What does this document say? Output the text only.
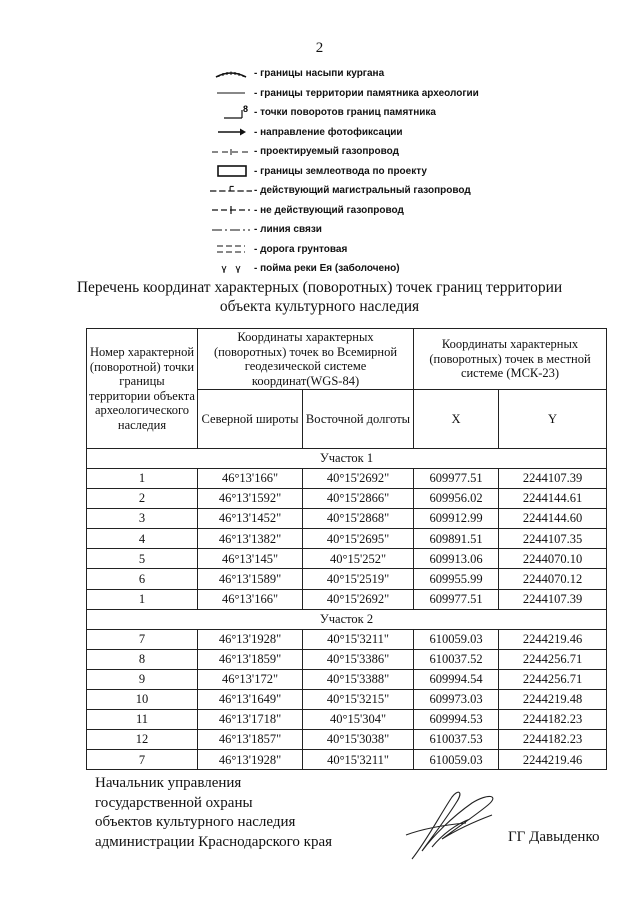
2
- границы насыпи кургана
- границы территории памятника археологии
8 - точки поворотов границ памятника
- направление фотофиксации
- проектируемый газопровод
- границы землеотвода по проекту
- действующий магистральный газопровод
- не действующий газопровод
- линия связи
- дорога грунтовая
- пойма реки Ея (заболочено)
Перечень координат характерных (поворотных) точек границ территории
объекта культурного наследия
Номер характерной (поворотной) точки границы территории объекта археологического наследия	Координаты характерных (поворотных) точек во Всемирной геодезической системе координат(WGS-84)		Координаты характерных (поворотных) точек в местной системе (МСК-23)	
	Северной широты	Восточной долготы	X	Y
Участок 1				
1	46°13'166"	40°15'2692"	609977.51	2244107.39
2	46°13'1592"	40°15'2866"	609956.02	2244144.61
3	46°13'1452"	40°15'2868"	609912.99	2244144.60
4	46°13'1382"	40°15'2695"	609891.51	2244107.35
5	46°13'145"	40°15'252"	609913.06	2244070.10
6	46°13'1589"	40°15'2519"	609955.99	2244070.12
1	46°13'166"	40°15'2692"	609977.51	2244107.39
Участок 2				
7	46°13'1928"	40°15'3211"	610059.03	2244219.46
8	46°13'1859"	40°15'3386"	610037.52	2244256.71
9	46°13'172"	40°15'3388"	609994.54	2244256.71
10	46°13'1649"	40°15'3215"	609973.03	2244219.48
11	46°13'1718"	40°15'304"	609994.53	2244182.23
12	46°13'1857"	40°15'3038"	610037.53	2244182.23
7	46°13'1928"	40°15'3211"	610059.03	2244219.46
Начальник управления
государственной охраны
объектов культурного наследия
администрации Краснодарского края	ГГ Давыденко
